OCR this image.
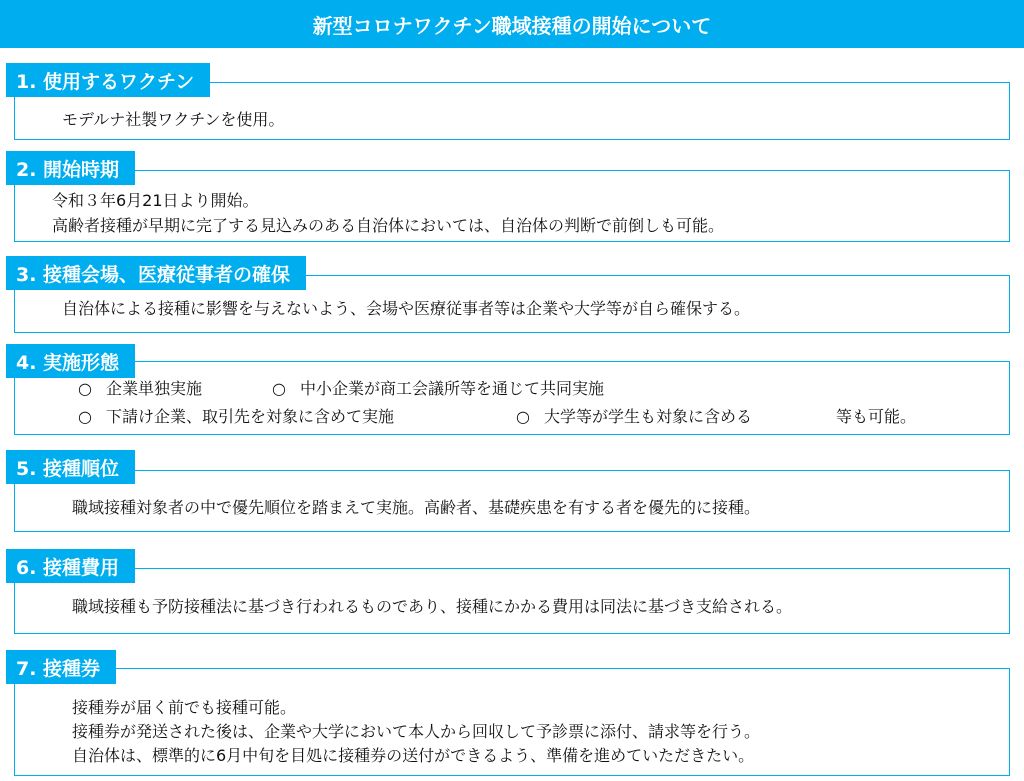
新型コロナワクチン職域接種の開始について
1. 使用するワクチン
モデルナ社製ワクチンを使用。
2. 開始時期
令和３年6月21日より開始。
高齢者接種が早期に完了する見込みのある自治体においては、自治体の判断で前倒しも可能。
3. 接種会場、医療従事者の確保
自治体による接種に影響を与えないよう、会場や医療従事者等は企業や大学等が自ら確保する。
4. 実施形態
○ 企業単独実施	○ 中小企業が商工会議所等を通じて共同実施
○ 下請け企業、取引先を対象に含めて実施	○ 大学等が学生も対象に含める	等も可能。
5. 接種順位
職域接種対象者の中で優先順位を踏まえて実施。高齢者、基礎疾患を有する者を優先的に接種。
6. 接種費用
職域接種も予防接種法に基づき行われるものであり、接種にかかる費用は同法に基づき支給される。
7. 接種券
接種券が届く前でも接種可能。
接種券が発送された後は、企業や大学において本人から回収して予診票に添付、請求等を行う。
自治体は、標準的に6月中旬を目処に接種券の送付ができるよう、準備を進めていただきたい。
